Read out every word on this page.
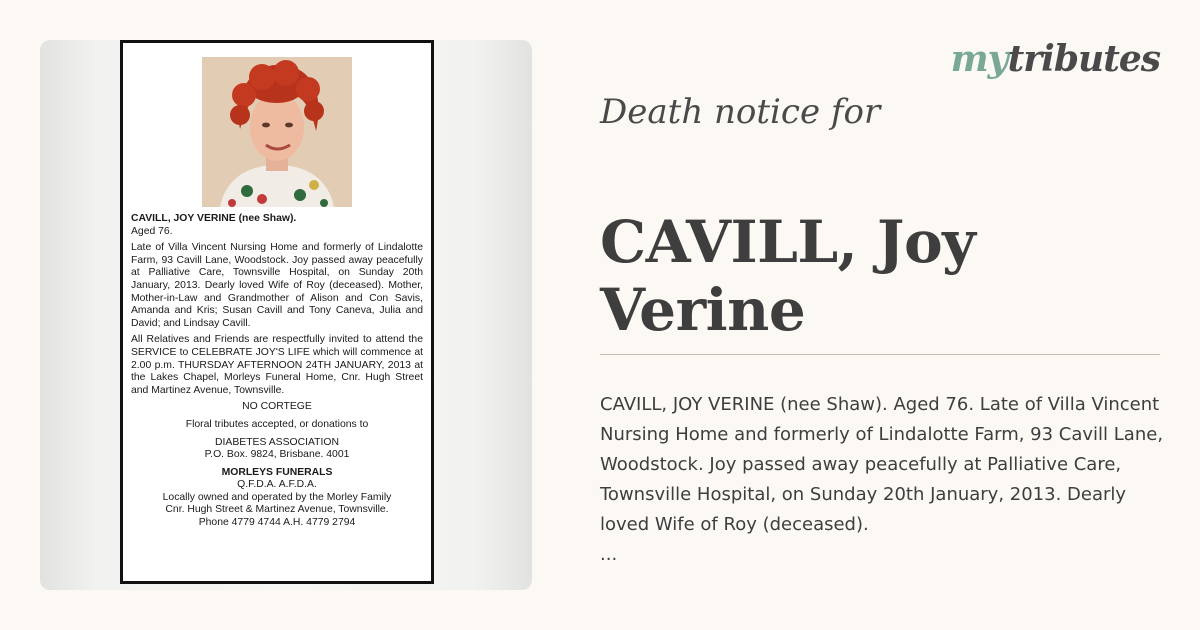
CAVILL, JOY VERINE (nee Shaw).

Aged 76.

Late of Villa Vincent Nursing Home and formerly of Lindalotte Farm, 93 Cavill Lane, Woodstock. Joy passed away peacefully at Palliative Care, Townsville Hospital, on Sunday 20th January, 2013. Dearly loved Wife of Roy (deceased). Mother, Mother-in-Law and Grandmother of Alison and Con Savis, Amanda and Kris; Susan Cavill and Tony Caneva, Julia and David; and Lindsay Cavill.

All Relatives and Friends are respectfully invited to attend the SERVICE to CELEBRATE JOY'S LIFE which will commence at 2.00 p.m. THURSDAY AFTERNOON 24TH JANUARY, 2013 at the Lakes Chapel, Morleys Funeral Home, Cnr. Hugh Street and Martinez Avenue, Townsville.

NO CORTEGE

Floral tributes accepted, or donations to

DIABETES ASSOCIATION

P.O. Box. 9824, Brisbane. 4001

MORLEYS FUNERALS

Q.F.D.A. A.F.D.A.

Locally owned and operated by the Morley Family

Cnr. Hugh Street & Martinez Avenue, Townsville.

Phone 4779 4744 A.H. 4779 2794

mytributes
Death notice for
CAVILL, Joy Verine
CAVILL, JOY VERINE (nee Shaw). Aged 76. Late of Villa Vincent Nursing Home and formerly of Lindalotte Farm, 93 Cavill Lane, Woodstock. Joy passed away peacefully at Palliative Care, Townsville Hospital, on Sunday 20th January, 2013. Dearly loved Wife of Roy (deceased).
...
